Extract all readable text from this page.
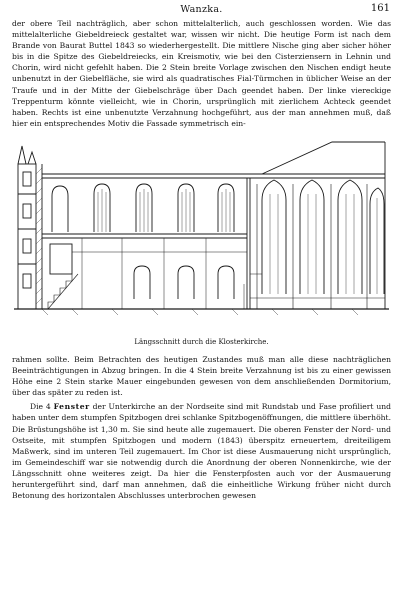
Wanzka.	161

der obere Teil nachträglich, aber schon mittelalterlich, auch geschlossen worden. Wie das mittelalterliche Giebeldreieck gestaltet war, wissen wir nicht. Die heutige Form ist nach dem Brande von Baurat Buttel 1843 so wiederhergestellt. Die mittlere Nische ging aber sicher höher bis in die Spitze des Giebeldreiecks, ein Kreismotiv, wie bei den Cisterziensern in Lehnin und Chorin, wird nicht gefehlt haben. Die 2 Stein breite Vorlage zwischen den Nischen endigt heute unbenutzt in der Giebelfläche, sie wird als quadratisches Fial-Türmchen in üblicher Weise an der Traufe und in der Mitte der Giebelschräge über Dach geendet haben. Der linke viereckige Treppenturm könnte vielleicht, wie in Chorin, ursprünglich mit zierlichem Achteck geendet haben. Rechts ist eine unbenutzte Verzahnung hochgeführt, aus der man annehmen muß, daß hier ein entsprechendes Motiv die Fassade symmetrisch ein-

Längsschnitt durch die Klosterkirche.

rahmen sollte. Beim Betrachten des heutigen Zustandes muß man alle diese nachträglichen Beeinträchtigungen in Abzug bringen. In die 4 Stein breite Verzahnung ist bis zu einer gewissen Höhe eine 2 Stein starke Mauer eingebunden gewesen von dem anschließenden Dormitorium, über das später zu reden ist.

Die 4 Fenster der Unterkirche an der Nordseite sind mit Rundstab und Fase profiliert und haben unter dem stumpfen Spitzbogen drei schlanke Spitzbogenöffnungen, die mittlere überhöht. Die Brüstungshöhe ist 1,30 m. Sie sind heute alle zugemauert. Die oberen Fenster der Nord- und Ostseite, mit stumpfen Spitzbogen und modern (1843) überspitz erneuertem, dreiteiligem Maßwerk, sind im unteren Teil zugemauert. Im Chor ist diese Ausmauerung nicht ursprünglich, im Gemeindeschiff war sie notwendig durch die Anordnung der oberen Nonnenkirche, wie der Längsschnitt ohne weiteres zeigt. Da hier die Fensterpfosten auch vor der Ausmauerung heruntergeführt sind, darf man annehmen, daß die einheitliche Wirkung früher nicht durch Betonung des horizontalen Abschlusses unterbrochen gewesen
